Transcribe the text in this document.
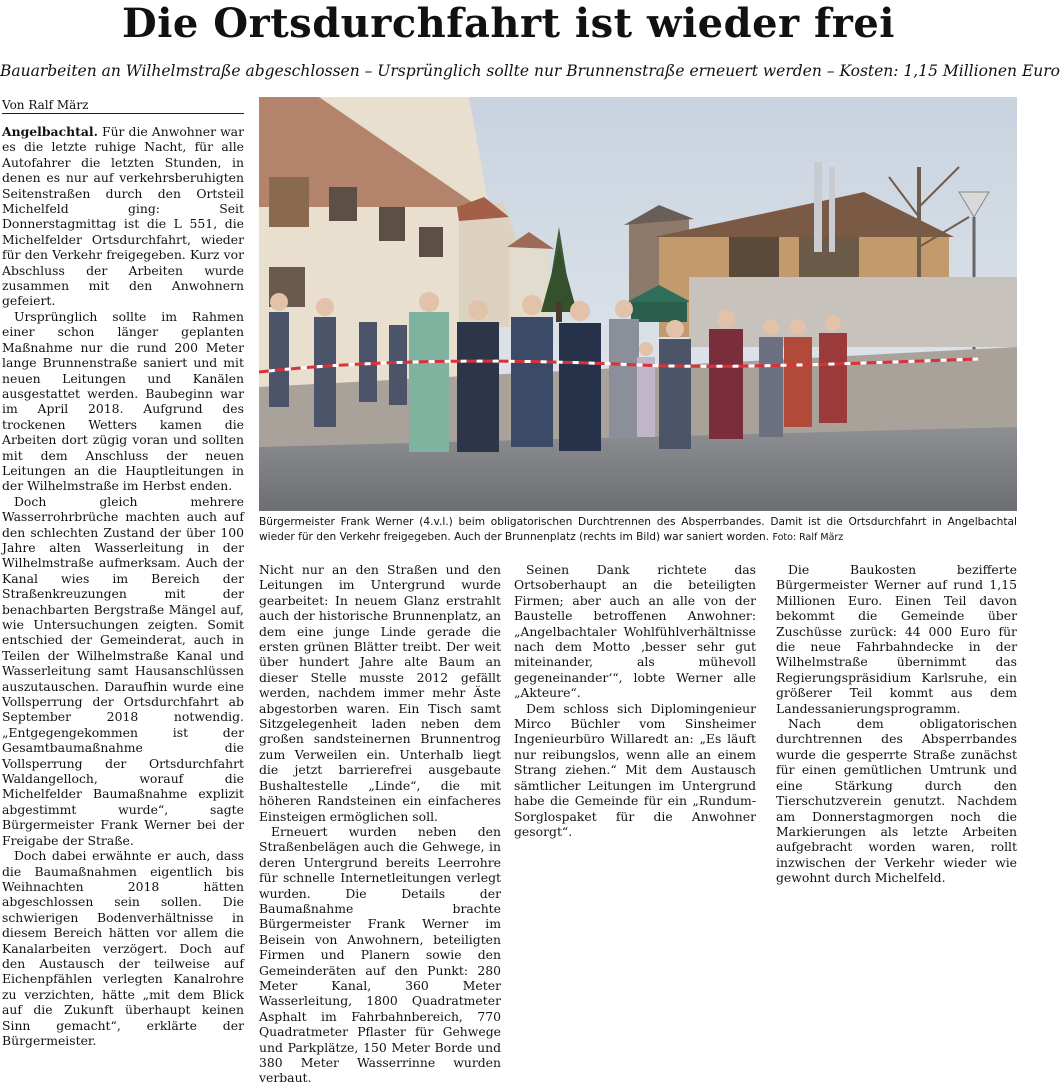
Die Ortsdurchfahrt ist wieder frei
Bauarbeiten an Wilhelmstraße abgeschlossen – Ursprünglich sollte nur Brunnenstraße erneuert werden – Kosten: 1,15 Millionen Euro
Von Ralf März

Angelbachtal. Für die Anwohner war es die letzte ruhige Nacht, für alle Autofahrer die letzten Stunden, in denen es nur auf verkehrsberuhigten Seitenstraßen durch den Ortsteil Michelfeld ging: Seit Donnerstagmittag ist die L 551, die Michelfelder Ortsdurchfahrt, wieder für den Verkehr freigegeben. Kurz vor Abschluss der Arbeiten wurde zusammen mit den Anwohnern gefeiert.

Ursprünglich sollte im Rahmen einer schon länger geplanten Maßnahme nur die rund 200 Meter lange Brunnenstraße saniert und mit neuen Leitungen und Kanälen ausgestattet werden. Baubeginn war im April 2018. Aufgrund des trockenen Wetters kamen die Arbeiten dort zügig voran und sollten mit dem Anschluss der neuen Leitungen an die Hauptleitungen in der Wilhelmstraße im Herbst enden.

Doch gleich mehrere Wasserrohrbrüche machten auch auf den schlechten Zustand der über 100 Jahre alten Wasserleitung in der Wilhelmstraße aufmerksam. Auch der Kanal wies im Bereich der Straßenkreuzungen mit der benachbarten Bergstraße Mängel auf, wie Untersuchungen zeigten. Somit entschied der Gemeinderat, auch in Teilen der Wilhelmstraße Kanal und Wasserleitung samt Hausanschlüssen auszutauschen. Daraufhin wurde eine Vollsperrung der Ortsdurchfahrt ab September 2018 notwendig. „Entgegengekommen ist der Gesamtbaumaßnahme die Vollsperrung der Ortsdurchfahrt Waldangelloch, worauf die Michelfelder Baumaßnahme explizit abgestimmt wurde“, sagte Bürgermeister Frank Werner bei der Freigabe der Straße.

Doch dabei erwähnte er auch, dass die Baumaßnahmen eigentlich bis Weihnachten 2018 hätten abgeschlossen sein sollen. Die schwierigen Bodenverhältnisse in diesem Bereich hätten vor allem die Kanalarbeiten verzögert. Doch auf den Austausch der teilweise auf Eichenpfählen verlegten Kanalrohre zu verzichten, hätte „mit dem Blick auf die Zukunft überhaupt keinen Sinn gemacht“, erklärte der Bürgermeister.

Bürgermeister Frank Werner (4.v.l.) beim obligatorischen Durchtrennen des Absperrbandes. Damit ist die Ortsdurchfahrt in Angelbachtal wieder für den Verkehr freigegeben. Auch der Brunnenplatz (rechts im Bild) war saniert worden. Foto: Ralf März

Nicht nur an den Straßen und den Leitungen im Untergrund wurde gearbeitet: In neuem Glanz erstrahlt auch der historische Brunnenplatz, an dem eine junge Linde gerade die ersten grünen Blätter treibt. Der weit über hundert Jahre alte Baum an dieser Stelle musste 2012 gefällt werden, nachdem immer mehr Äste abgestorben waren. Ein Tisch samt Sitzgelegenheit laden neben dem großen sandsteinernen Brunnentrog zum Verweilen ein. Unterhalb liegt die jetzt barrierefrei ausgebaute Bushaltestelle „Linde“, die mit höheren Randsteinen ein einfacheres Einsteigen ermöglichen soll.

Erneuert wurden neben den Straßenbelägen auch die Gehwege, in deren Untergrund bereits Leerrohre für schnelle Internetleitungen verlegt wurden. Die Details der Baumaßnahme brachte Bürgermeister Frank Werner im Beisein von Anwohnern, beteiligten Firmen und Planern sowie den Gemeinderäten auf den Punkt: 280 Meter Kanal, 360 Meter Wasserleitung, 1800 Quadratmeter Asphalt im Fahrbahnbereich, 770 Quadratmeter Pflaster für Gehwege und Parkplätze, 150 Meter Borde und 380 Meter Wasserrinne wurden verbaut.

Seinen Dank richtete das Ortsoberhaupt an die beteiligten Firmen; aber auch an alle von der Baustelle betroffenen Anwohner: „Angelbachtaler Wohlfühlverhältnisse nach dem Motto ‚besser sehr gut miteinander, als mühevoll gegeneinander‘“, lobte Werner alle „Akteure“.

Dem schloss sich Diplomingenieur Mirco Büchler vom Sinsheimer Ingenieurbüro Willaredt an: „Es läuft nur reibungslos, wenn alle an einem Strang ziehen.“ Mit dem Austausch sämtlicher Leitungen im Untergrund habe die Gemeinde für ein „Rundum-Sorglospaket für die Anwohner gesorgt“.

Die Baukosten bezifferte Bürgermeister Werner auf rund 1,15 Millionen Euro. Einen Teil davon bekommt die Gemeinde über Zuschüsse zurück: 44 000 Euro für die neue Fahrbahndecke in der Wilhelmstraße übernimmt das Regierungspräsidium Karlsruhe, ein größerer Teil kommt aus dem Landessanierungsprogramm.

Nach dem obligatorischen durchtrennen des Absperrbandes wurde die gesperrte Straße zunächst für einen gemütlichen Umtrunk und eine Stärkung durch den Tierschutzverein genutzt. Nachdem am Donnerstagmorgen noch die Markierungen als letzte Arbeiten aufgebracht worden waren, rollt inzwischen der Verkehr wieder wie gewohnt durch Michelfeld.
